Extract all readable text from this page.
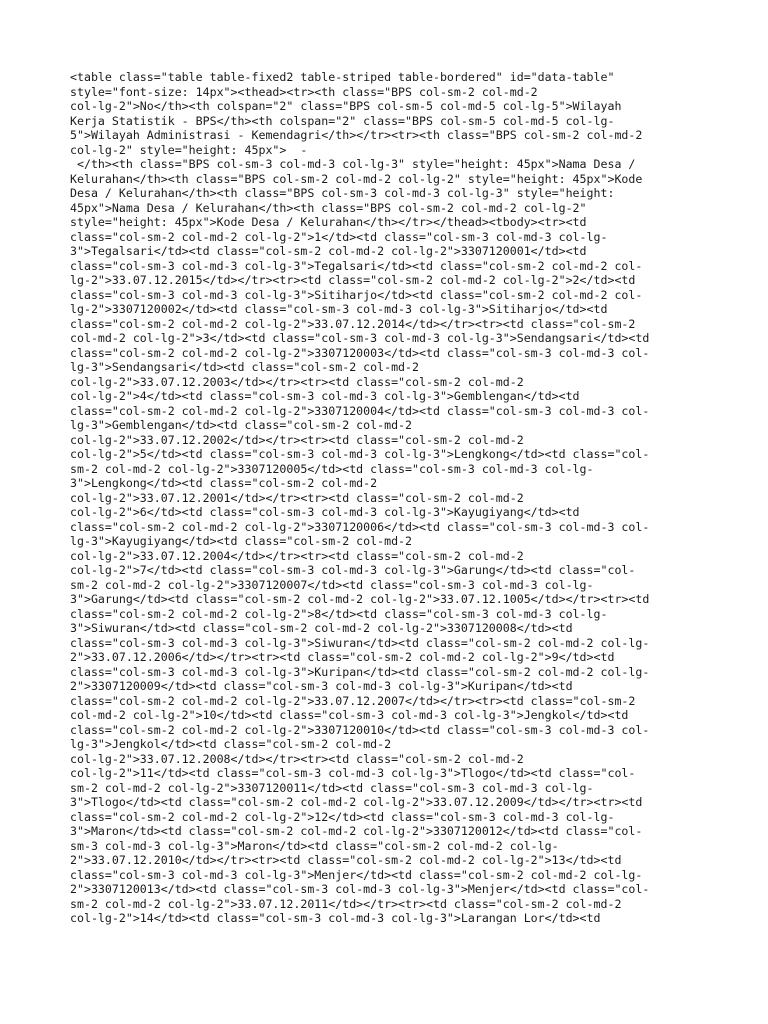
<table class="table table-fixed2 table-striped table-bordered" id="data-table"
style="font-size: 14px"><thead><tr><th class="BPS col-sm-2 col-md-2
col-lg-2">No</th><th colspan="2" class="BPS col-sm-5 col-md-5 col-lg-5">Wilayah
Kerja Statistik - BPS</th><th colspan="2" class="BPS col-sm-5 col-md-5 col-lg-
5">Wilayah Administrasi - Kemendagri</th></tr><tr><th class="BPS col-sm-2 col-md-2
col-lg-2" style="height: 45px">  -
</th><th class="BPS col-sm-3 col-md-3 col-lg-3" style="height: 45px">Nama Desa /
Kelurahan</th><th class="BPS col-sm-2 col-md-2 col-lg-2" style="height: 45px">Kode
Desa / Kelurahan</th><th class="BPS col-sm-3 col-md-3 col-lg-3" style="height:
45px">Nama Desa / Kelurahan</th><th class="BPS col-sm-2 col-md-2 col-lg-2"
style="height: 45px">Kode Desa / Kelurahan</th></tr></thead><tbody><tr><td
class="col-sm-2 col-md-2 col-lg-2">1</td><td class="col-sm-3 col-md-3 col-lg-
3">Tegalsari</td><td class="col-sm-2 col-md-2 col-lg-2">3307120001</td><td
class="col-sm-3 col-md-3 col-lg-3">Tegalsari</td><td class="col-sm-2 col-md-2 col-
lg-2">33.07.12.2015</td></tr><tr><td class="col-sm-2 col-md-2 col-lg-2">2</td><td
class="col-sm-3 col-md-3 col-lg-3">Sitiharjo</td><td class="col-sm-2 col-md-2 col-
lg-2">3307120002</td><td class="col-sm-3 col-md-3 col-lg-3">Sitiharjo</td><td
class="col-sm-2 col-md-2 col-lg-2">33.07.12.2014</td></tr><tr><td class="col-sm-2
col-md-2 col-lg-2">3</td><td class="col-sm-3 col-md-3 col-lg-3">Sendangsari</td><td
class="col-sm-2 col-md-2 col-lg-2">3307120003</td><td class="col-sm-3 col-md-3 col-
lg-3">Sendangsari</td><td class="col-sm-2 col-md-2
col-lg-2">33.07.12.2003</td></tr><tr><td class="col-sm-2 col-md-2
col-lg-2">4</td><td class="col-sm-3 col-md-3 col-lg-3">Gemblengan</td><td
class="col-sm-2 col-md-2 col-lg-2">3307120004</td><td class="col-sm-3 col-md-3 col-
lg-3">Gemblengan</td><td class="col-sm-2 col-md-2
col-lg-2">33.07.12.2002</td></tr><tr><td class="col-sm-2 col-md-2
col-lg-2">5</td><td class="col-sm-3 col-md-3 col-lg-3">Lengkong</td><td class="col-
sm-2 col-md-2 col-lg-2">3307120005</td><td class="col-sm-3 col-md-3 col-lg-
3">Lengkong</td><td class="col-sm-2 col-md-2
col-lg-2">33.07.12.2001</td></tr><tr><td class="col-sm-2 col-md-2
col-lg-2">6</td><td class="col-sm-3 col-md-3 col-lg-3">Kayugiyang</td><td
class="col-sm-2 col-md-2 col-lg-2">3307120006</td><td class="col-sm-3 col-md-3 col-
lg-3">Kayugiyang</td><td class="col-sm-2 col-md-2
col-lg-2">33.07.12.2004</td></tr><tr><td class="col-sm-2 col-md-2
col-lg-2">7</td><td class="col-sm-3 col-md-3 col-lg-3">Garung</td><td class="col-
sm-2 col-md-2 col-lg-2">3307120007</td><td class="col-sm-3 col-md-3 col-lg-
3">Garung</td><td class="col-sm-2 col-md-2 col-lg-2">33.07.12.1005</td></tr><tr><td
class="col-sm-2 col-md-2 col-lg-2">8</td><td class="col-sm-3 col-md-3 col-lg-
3">Siwuran</td><td class="col-sm-2 col-md-2 col-lg-2">3307120008</td><td
class="col-sm-3 col-md-3 col-lg-3">Siwuran</td><td class="col-sm-2 col-md-2 col-lg-
2">33.07.12.2006</td></tr><tr><td class="col-sm-2 col-md-2 col-lg-2">9</td><td
class="col-sm-3 col-md-3 col-lg-3">Kuripan</td><td class="col-sm-2 col-md-2 col-lg-
2">3307120009</td><td class="col-sm-3 col-md-3 col-lg-3">Kuripan</td><td
class="col-sm-2 col-md-2 col-lg-2">33.07.12.2007</td></tr><tr><td class="col-sm-2
col-md-2 col-lg-2">10</td><td class="col-sm-3 col-md-3 col-lg-3">Jengkol</td><td
class="col-sm-2 col-md-2 col-lg-2">3307120010</td><td class="col-sm-3 col-md-3 col-
lg-3">Jengkol</td><td class="col-sm-2 col-md-2
col-lg-2">33.07.12.2008</td></tr><tr><td class="col-sm-2 col-md-2
col-lg-2">11</td><td class="col-sm-3 col-md-3 col-lg-3">Tlogo</td><td class="col-
sm-2 col-md-2 col-lg-2">3307120011</td><td class="col-sm-3 col-md-3 col-lg-
3">Tlogo</td><td class="col-sm-2 col-md-2 col-lg-2">33.07.12.2009</td></tr><tr><td
class="col-sm-2 col-md-2 col-lg-2">12</td><td class="col-sm-3 col-md-3 col-lg-
3">Maron</td><td class="col-sm-2 col-md-2 col-lg-2">3307120012</td><td class="col-
sm-3 col-md-3 col-lg-3">Maron</td><td class="col-sm-2 col-md-2 col-lg-
2">33.07.12.2010</td></tr><tr><td class="col-sm-2 col-md-2 col-lg-2">13</td><td
class="col-sm-3 col-md-3 col-lg-3">Menjer</td><td class="col-sm-2 col-md-2 col-lg-
2">3307120013</td><td class="col-sm-3 col-md-3 col-lg-3">Menjer</td><td class="col-
sm-2 col-md-2 col-lg-2">33.07.12.2011</td></tr><tr><td class="col-sm-2 col-md-2
col-lg-2">14</td><td class="col-sm-3 col-md-3 col-lg-3">Larangan Lor</td><td
